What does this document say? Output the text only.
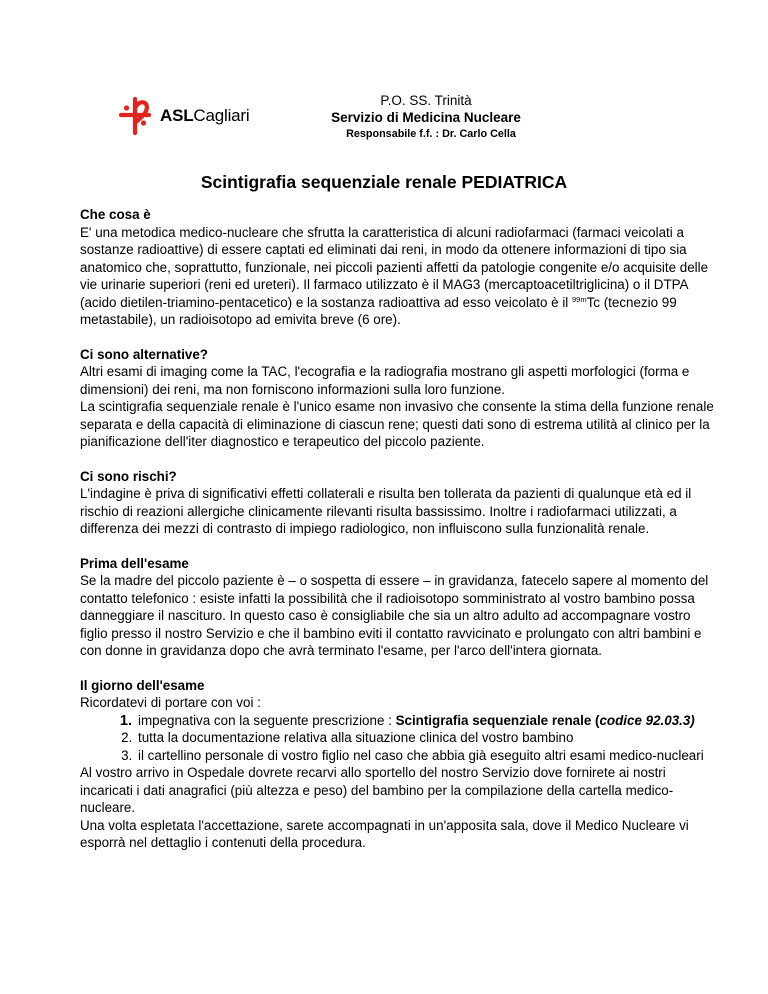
ASLCagliari
P.O. SS. Trinità
Servizio di Medicina Nucleare
Responsabile f.f. : Dr. Carlo Cella
Scintigrafia sequenziale renale PEDIATRICA
Che cosa è

E' una metodica medico-nucleare che sfrutta la caratteristica di alcuni radiofarmaci (farmaci veicolati a sostanze radioattive) di essere captati ed eliminati dai reni, in modo da ottenere informazioni di tipo sia anatomico che, soprattutto, funzionale, nei piccoli pazienti affetti da patologie congenite e/o acquisite delle vie urinarie superiori (reni ed ureteri). Il farmaco utilizzato è il MAG3 (mercaptoacetiltriglicina) o il DTPA (acido dietilen-triamino-pentacetico) e la sostanza radioattiva ad esso veicolato è il $^{99m}$Tc (tecnezio 99 metastabile), un radioisotopo ad emivita breve (6 ore).

Ci sono alternative?

Altri esami di imaging come la TAC, l'ecografia e la radiografia mostrano gli aspetti morfologici (forma e dimensioni) dei reni, ma non forniscono informazioni sulla loro funzione.

La scintigrafia sequenziale renale è l'unico esame non invasivo che consente la stima della funzione renale separata e della capacità di eliminazione di ciascun rene; questi dati sono di estrema utilità al clinico per la pianificazione dell'iter diagnostico e terapeutico del piccolo paziente.

Ci sono rischi?

L'indagine è priva di significativi effetti collaterali e risulta ben tollerata da pazienti di qualunque età ed il rischio di reazioni allergiche clinicamente rilevanti risulta bassissimo. Inoltre i radiofarmaci utilizzati, a differenza dei mezzi di contrasto di impiego radiologico, non influiscono sulla funzionalità renale.

Prima dell'esame

Se la madre del piccolo paziente è – o sospetta di essere – in gravidanza, fatecelo sapere al momento del contatto telefonico : esiste infatti la possibilità che il radioisotopo somministrato al vostro bambino possa danneggiare il nascituro. In questo caso è consigliabile che sia un altro adulto ad accompagnare vostro figlio presso il nostro Servizio e che il bambino eviti il contatto ravvicinato e prolungato con altri bambini e con donne in gravidanza dopo che avrà terminato l'esame, per l'arco dell'intera giornata.

Il giorno dell'esame

Ricordatevi di portare con voi :

1. impegnativa con la seguente prescrizione : Scintigrafia sequenziale renale (codice 92.03.3)
2. tutta la documentazione relativa alla situazione clinica del vostro bambino
3. il cartellino personale di vostro figlio nel caso che abbia già eseguito altri esami medico-nucleari

Al vostro arrivo in Ospedale dovrete recarvi allo sportello del nostro Servizio dove fornirete ai nostri incaricati i dati anagrafici (più altezza e peso) del bambino per la compilazione della cartella medico-nucleare.

Una volta espletata l'accettazione, sarete accompagnati in un'apposita sala, dove il Medico Nucleare vi esporrà nel dettaglio i contenuti della procedura.
